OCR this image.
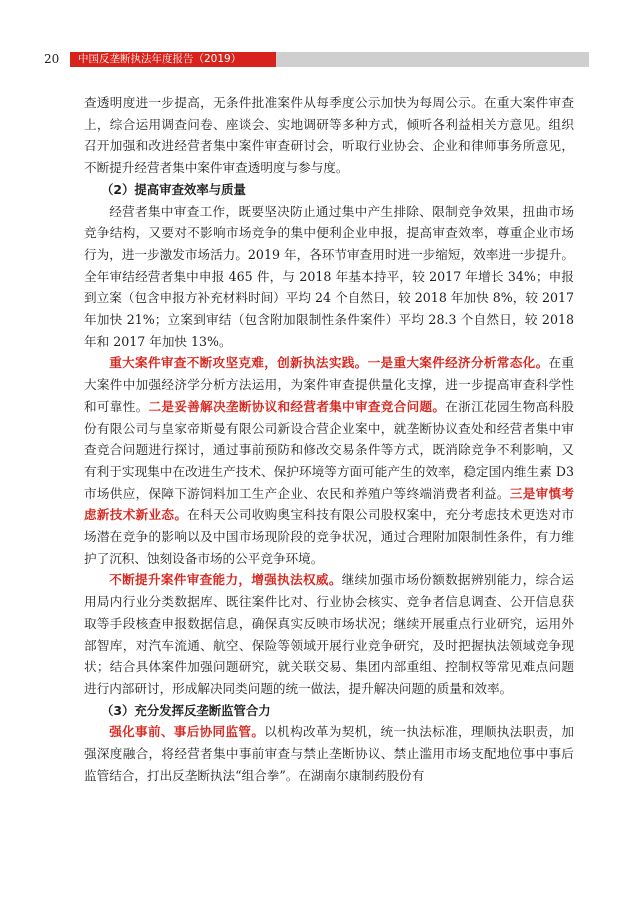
20	中国反垄断执法年度报告（2019）

查透明度进一步提高，无条件批准案件从每季度公示加快为每周公示。在重大案件审查上，综合运用调查问卷、座谈会、实地调研等多种方式，倾听各利益相关方意见。组织召开加强和改进经营者集中案件审查研讨会，听取行业协会、企业和律师事务所意见，不断提升经营者集中案件审查透明度与参与度。

（2）提高审查效率与质量

经营者集中审查工作，既要坚决防止通过集中产生排除、限制竞争效果，扭曲市场竞争结构，又要对不影响市场竞争的集中便利企业申报，提高审查效率，尊重企业市场行为，进一步激发市场活力。2019 年，各环节审查用时进一步缩短，效率进一步提升。全年审结经营者集中申报 465 件，与 2018 年基本持平，较 2017 年增长 34%；申报到立案（包含申报方补充材料时间）平均 24 个自然日，较 2018 年加快 8%，较 2017 年加快 21%；立案到审结（包含附加限制性条件案件）平均 28.3 个自然日，较 2018 年和 2017 年加快 13%。

重大案件审查不断攻坚克难，创新执法实践。一是重大案件经济分析常态化。在重大案件中加强经济学分析方法运用，为案件审查提供量化支撑，进一步提高审查科学性和可靠性。二是妥善解决垄断协议和经营者集中审查竞合问题。在浙江花园生物高科股份有限公司与皇家帝斯曼有限公司新设合营企业案中，就垄断协议查处和经营者集中审查竞合问题进行探讨，通过事前预防和修改交易条件等方式，既消除竞争不利影响，又有利于实现集中在改进生产技术、保护环境等方面可能产生的效率，稳定国内维生素 D3 市场供应，保障下游饲料加工生产企业、农民和养殖户等终端消费者利益。三是审慎考虑新技术新业态。在科天公司收购奥宝科技有限公司股权案中，充分考虑技术更迭对市场潜在竞争的影响以及中国市场现阶段的竞争状况，通过合理附加限制性条件，有力维护了沉积、蚀刻设备市场的公平竞争环境。

不断提升案件审查能力，增强执法权威。继续加强市场份额数据辨别能力，综合运用局内行业分类数据库、既往案件比对、行业协会核实、竞争者信息调查、公开信息获取等手段核查申报数据信息，确保真实反映市场状况；继续开展重点行业研究，运用外部智库，对汽车流通、航空、保险等领域开展行业竞争研究，及时把握执法领域竞争现状；结合具体案件加强问题研究，就关联交易、集团内部重组、控制权等常见难点问题进行内部研讨，形成解决同类问题的统一做法，提升解决问题的质量和效率。

（3）充分发挥反垄断监管合力

强化事前、事后协同监管。以机构改革为契机，统一执法标准，理顺执法职责，加强深度融合，将经营者集中事前审查与禁止垄断协议、禁止滥用市场支配地位事中事后监管结合，打出反垄断执法“组合拳”。在湖南尔康制药股份有
